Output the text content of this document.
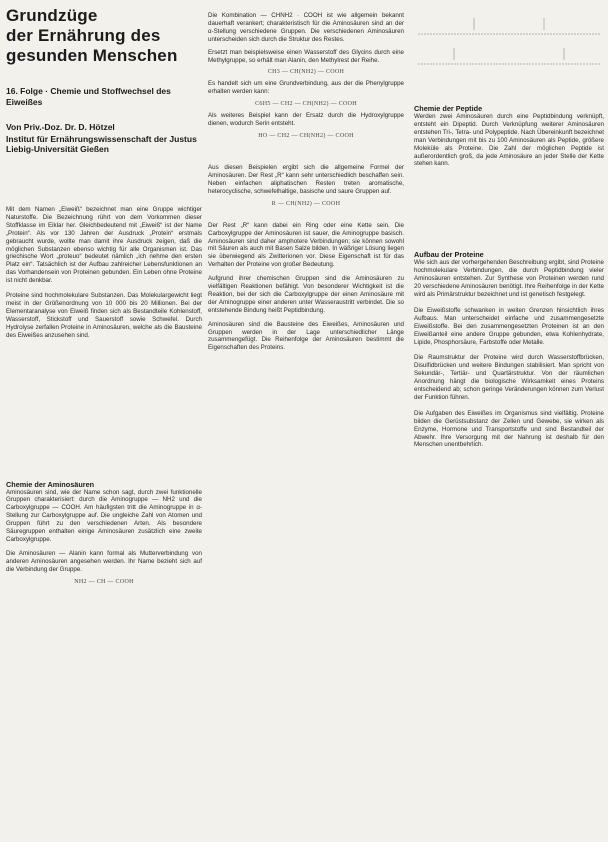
Grundzüge
der Ernährung des
gesunden Menschen
16. Folge · Chemie und Stoffwechsel des Eiweißes
Von Priv.-Doz. Dr. D. Hötzel
Institut für Ernährungswissenschaft der Justus Liebig-Universität Gießen

Mit dem Namen „Eiweiß“ bezeichnet man eine Gruppe wichtiger Naturstoffe. Die Bezeichnung rührt von dem Vorkommen dieser Stoffklasse im Eiklar her. Gleichbedeutend mit „Eiweiß“ ist der Name „Protein“. Als vor 130 Jahren der Ausdruck „Protein“ erstmals gebraucht wurde, wollte man damit ihre Ausdruck zeigen, daß die möglichen Substanzen ebenso wichtig für alle Organismen ist. Das griechische Wort „proteuo“ bedeutet nämlich „ich nehme den ersten Platz ein“. Tatsächlich ist der Aufbau zahlreicher Lebensfunktionen an das Vorhandensein von Proteinen gebunden. Ein Leben ohne Proteine ist nicht denkbar.

Proteine sind hochmolekulare Substanzen. Das Molekulargewicht liegt meist in der Größenordnung von 10 000 bis 20 Millionen. Bei der Elementaranalyse von Eiweiß finden sich als Bestandteile Kohlenstoff, Wasserstoff, Stickstoff und Sauerstoff sowie Schwefel. Durch Hydrolyse zerfallen Proteine in Aminosäuren, welche als die Bausteine des Eiweißes anzusehen sind.

Chemie der Aminosäuren

Aminosäuren sind, wie der Name schon sagt, durch zwei funktionelle Gruppen charakterisiert: durch die Aminogruppe — NH2 und die Carboxylgruppe — COOH. Am häufigsten tritt die Aminogruppe in α-Stellung zur Carboxylgruppe auf. Die ungleiche Zahl von Atomen und Gruppen führt zu den verschiedenen Arten. Als besondere Säuregruppen enthalten einige Aminosäuren zusätzlich eine zweite Carboxylgruppe.

Die Aminosäuren — Alanin kann formal als Mutterverbindung von anderen Aminosäuren angesehen werden. Ihr Name bezieht sich auf die Verbindung der Gruppe.

NH2 — CH — COOH

Die Kombination — CHNH2 · COOH ist wie allgemein bekannt dauerhaft verankert; charakteristisch für die Aminosäuren sind an der α-Stellung verschiedene Gruppen. Die verschiedenen Aminosäuren unterscheiden sich durch die Struktur des Restes.

Ersetzt man beispielsweise einen Wasserstoff des Glycins durch eine Methylgruppe, so erhält man Alanin, den Methylrest der Reihe.

CH3 — CH(NH2) — COOH

Es handelt sich um eine Grundverbindung, aus der die Phenylgruppe erhalten werden kann:

C6H5 — CH2 — CH(NH2) — COOH

Als weiteres Beispiel kann der Ersatz durch die Hydroxylgruppe dienen, wodurch Serin entsteht.

HO — CH2 — CH(NH2) — COOH

Aus diesen Beispielen ergibt sich die allgemeine Formel der Aminosäuren. Der Rest „R“ kann sehr unterschiedlich beschaffen sein. Neben einfachen aliphatischen Resten treten aromatische, heterocyclische, schwefelhaltige, basische und saure Gruppen auf.

R — CH(NH2) — COOH

Der Rest „R“ kann dabei ein Ring oder eine Kette sein. Die Carboxylgruppe der Aminosäuren ist sauer, die Aminogruppe basisch. Aminosäuren sind daher amphotere Verbindungen; sie können sowohl mit Säuren als auch mit Basen Salze bilden. In wäßriger Lösung liegen sie überwiegend als Zwitterionen vor. Diese Eigenschaft ist für das Verhalten der Proteine von großer Bedeutung.

Aufgrund ihrer chemischen Gruppen sind die Aminosäuren zu vielfältigen Reaktionen befähigt. Von besonderer Wichtigkeit ist die Reaktion, bei der sich die Carboxylgruppe der einen Aminosäure mit der Aminogruppe einer anderen unter Wasseraustritt verbindet. Die so entstehende Bindung heißt Peptidbindung.

Aminosäuren sind die Bausteine des Eiweißes, Aminosäuren und Gruppen werden in der Lage unterschiedlicher Länge zusammengefügt. Die Reihenfolge der Aminosäuren bestimmt die Eigenschaften des Proteins.

Chemie der Peptide

Werden zwei Aminosäuren durch eine Peptidbindung verknüpft, entsteht ein Dipeptid. Durch Verknüpfung weiterer Aminosäuren entstehen Tri-, Tetra- und Polypeptide. Nach Übereinkunft bezeichnet man Verbindungen mit bis zu 100 Aminosäuren als Peptide, größere Moleküle als Proteine. Die Zahl der möglichen Peptide ist außerordentlich groß, da jede Aminosäure an jeder Stelle der Kette stehen kann.

Aufbau der Proteine

Wie sich aus der vorhergehenden Beschreibung ergibt, sind Proteine hochmolekulare Verbindungen, die durch Peptidbindung vieler Aminosäuren entstehen. Zur Synthese von Proteinen werden rund 20 verschiedene Aminosäuren benötigt. Ihre Reihenfolge in der Kette wird als Primärstruktur bezeichnet und ist genetisch festgelegt.

Die Eiweißstoffe schwanken in weiten Grenzen hinsichtlich ihres Aufbaus. Man unterscheidet einfache und zusammengesetzte Eiweißstoffe. Bei den zusammengesetzten Proteinen ist an den Eiweißanteil eine andere Gruppe gebunden, etwa Kohlenhydrate, Lipide, Phosphorsäure, Farbstoffe oder Metalle.

Die Raumstruktur der Proteine wird durch Wasserstoffbrücken, Disulfidbrücken und weitere Bindungen stabilisiert. Man spricht von Sekundär-, Tertiär- und Quartärstruktur. Von der räumlichen Anordnung hängt die biologische Wirksamkeit eines Proteins entscheidend ab; schon geringe Veränderungen können zum Verlust der Funktion führen.

Die Aufgaben des Eiweißes im Organismus sind vielfältig. Proteine bilden die Gerüstsubstanz der Zellen und Gewebe, sie wirken als Enzyme, Hormone und Transportstoffe und sind Bestandteil der Abwehr. Ihre Versorgung mit der Nahrung ist deshalb für den Menschen unentbehrlich.
